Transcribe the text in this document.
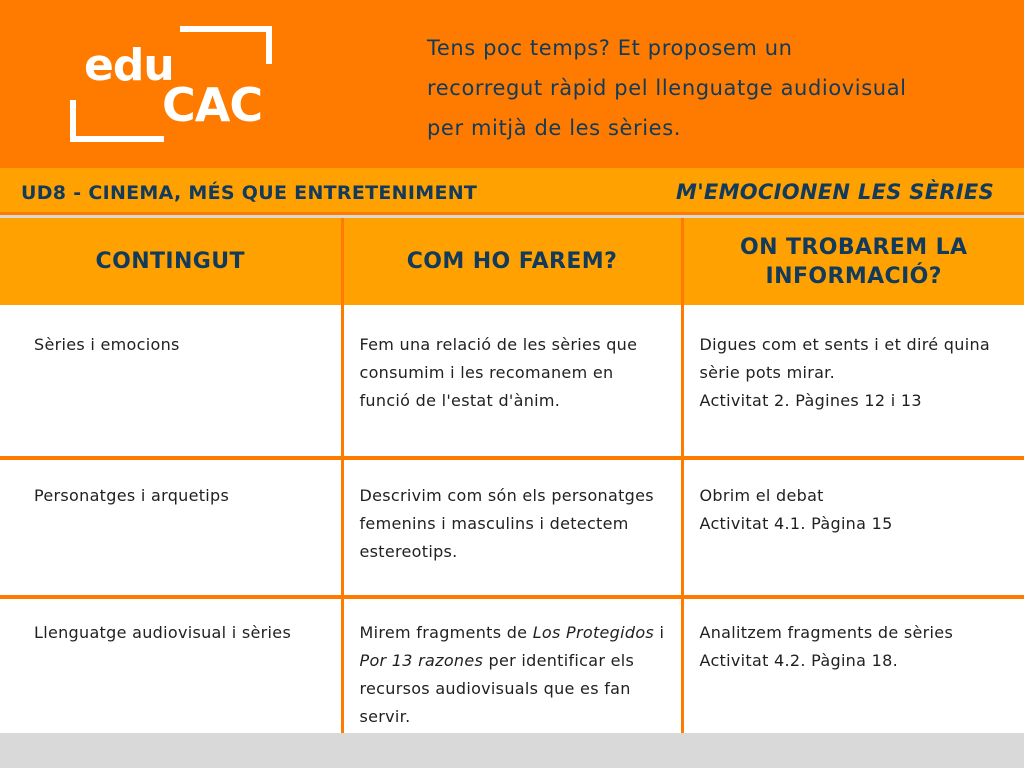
edu
CAC

Tens poc temps? Et proposem un
recorregut ràpid pel llenguatge audiovisual
per mitjà de les sèries.

UD8 - CINEMA, MÉS QUE ENTRETENIMENT	M'EMOCIONEN LES SÈRIES
CONTINGUT	COM HO FAREM?	ON TROBAREM LA INFORMACIÓ?
Sèries i emocions	Fem una relació de les sèries que consumim i les recomanem en funció de l'estat d'ànim.	Digues com et sents i et diré quina sèrie pots mirar.
Activitat 2. Pàgines 12 i 13

Personatges i arquetips	Descrivim com són els personatges femenins i masculins i detectem estereotips.	Obrim el debat
Activitat 4.1. Pàgina 15

Llenguatge audiovisual i sèries	Mirem fragments de Los Protegidos i Por 13 razones per identificar els recursos audiovisuals que es fan servir.	Analitzem fragments de sèries
Activitat 4.2. Pàgina 18.
